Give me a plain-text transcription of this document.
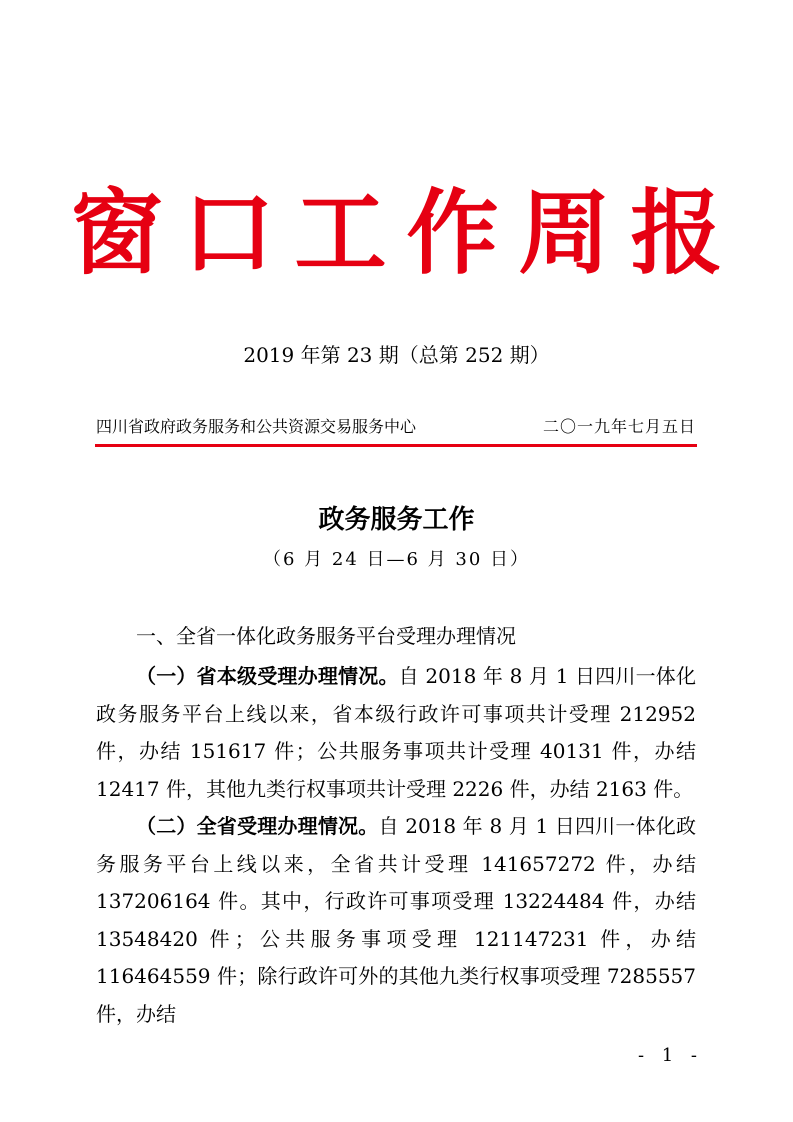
窗口工作周报
2019 年第 23 期（总第 252 期）
四川省政府政务服务和公共资源交易服务中心	二〇一九年七月五日
政务服务工作
（6 月 24 日—6 月 30 日）

一、全省一体化政务服务平台受理办理情况

（一）省本级受理办理情况。自 2018 年 8 月 1 日四川一体化政务服务平台上线以来，省本级行政许可事项共计受理 212952 件，办结 151617 件；公共服务事项共计受理 40131 件，办结 12417 件，其他九类行权事项共计受理 2226 件，办结 2163 件。

（二）全省受理办理情况。自 2018 年 8 月 1 日四川一体化政务服务平台上线以来，全省共计受理 141657272 件，办结 137206164 件。其中，行政许可事项受理 13224484 件，办结 13548420 件；公共服务事项受理 121147231 件，办结 116464559 件；除行政许可外的其他九类行权事项受理 7285557 件，办结

- 1 -
